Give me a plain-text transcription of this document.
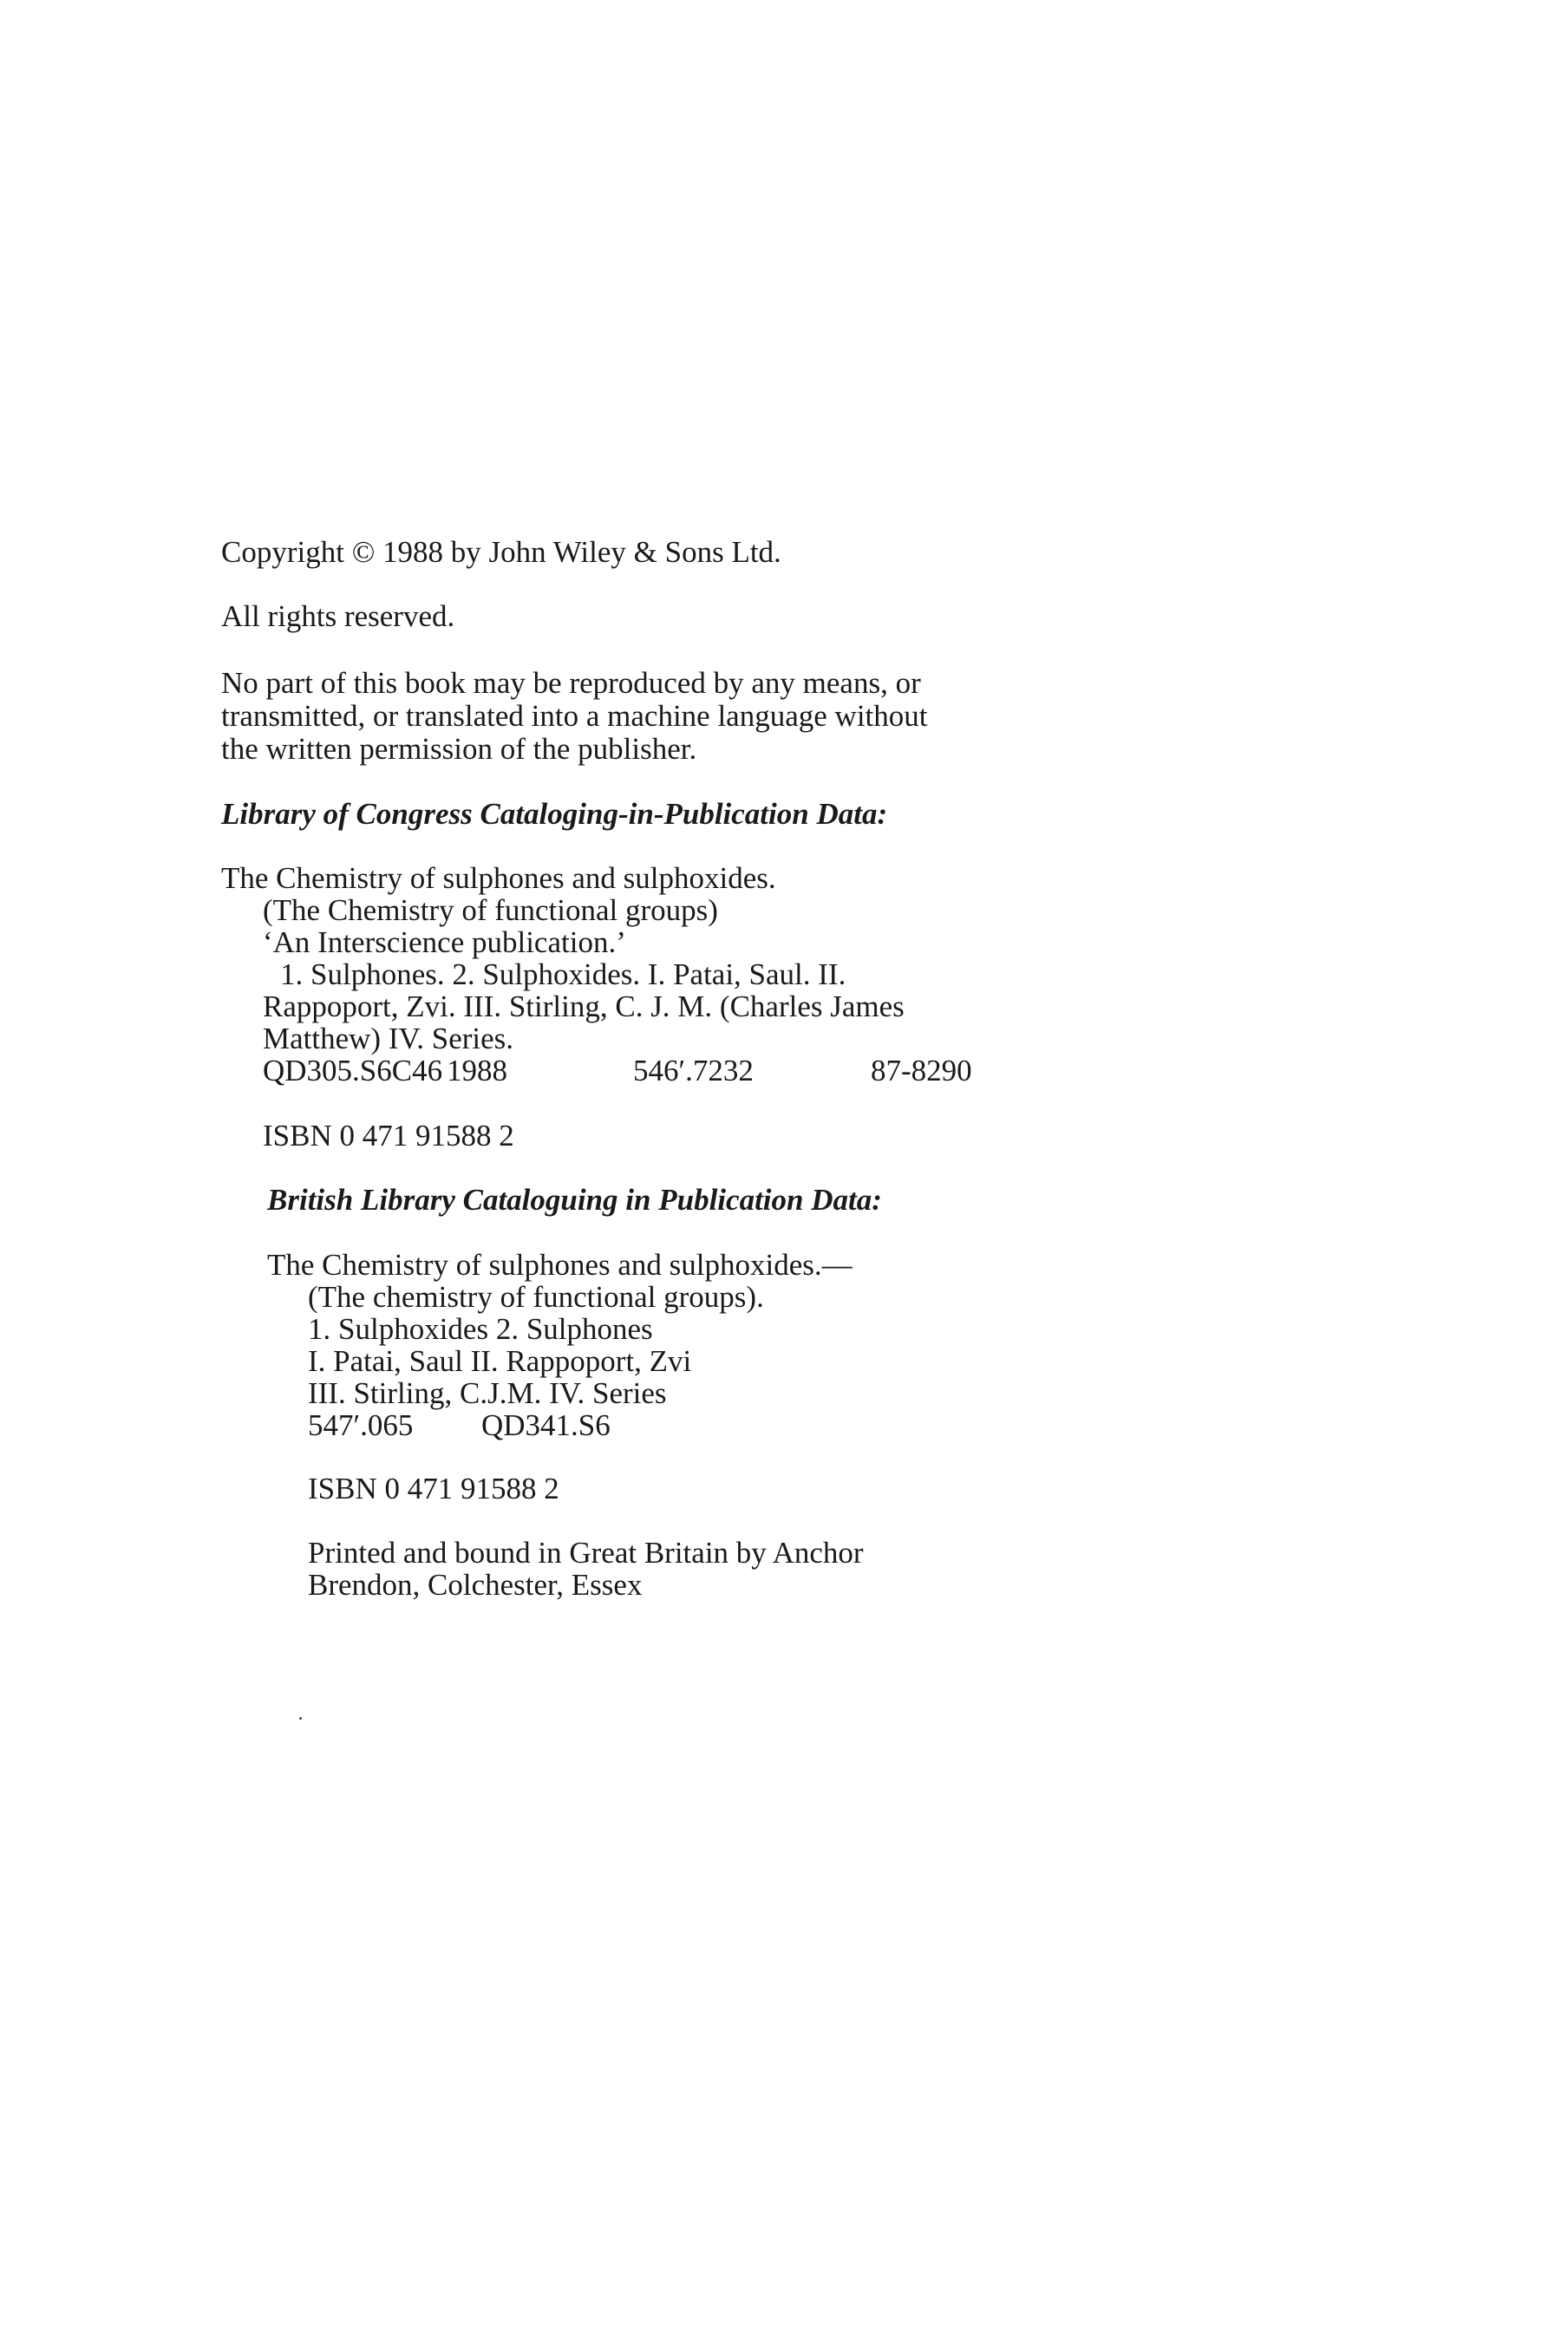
Copyright © 1988 by John Wiley & Sons Ltd.
All rights reserved.
No part of this book may be reproduced by any means, or
transmitted, or translated into a machine language without
the written permission of the publisher.
Library of Congress Cataloging-in-Publication Data:
The Chemistry of sulphones and sulphoxides.
(The Chemistry of functional groups)
‘An Interscience publication.’
1. Sulphones. 2. Sulphoxides. I. Patai, Saul. II.
Rappoport, Zvi. III. Stirling, C. J. M. (Charles James
Matthew) IV. Series.
QD305.S6C46 1988	546′.7232	87-8290
ISBN 0 471 91588 2
British Library Cataloguing in Publication Data:
The Chemistry of sulphones and sulphoxides.—
(The chemistry of functional groups).
1. Sulphoxides 2. Sulphones
I. Patai, Saul II. Rappoport, Zvi
III. Stirling, C.J.M. IV. Series
547′.065 QD341.S6
ISBN 0 471 91588 2
Printed and bound in Great Britain by Anchor
Brendon, Colchester, Essex
